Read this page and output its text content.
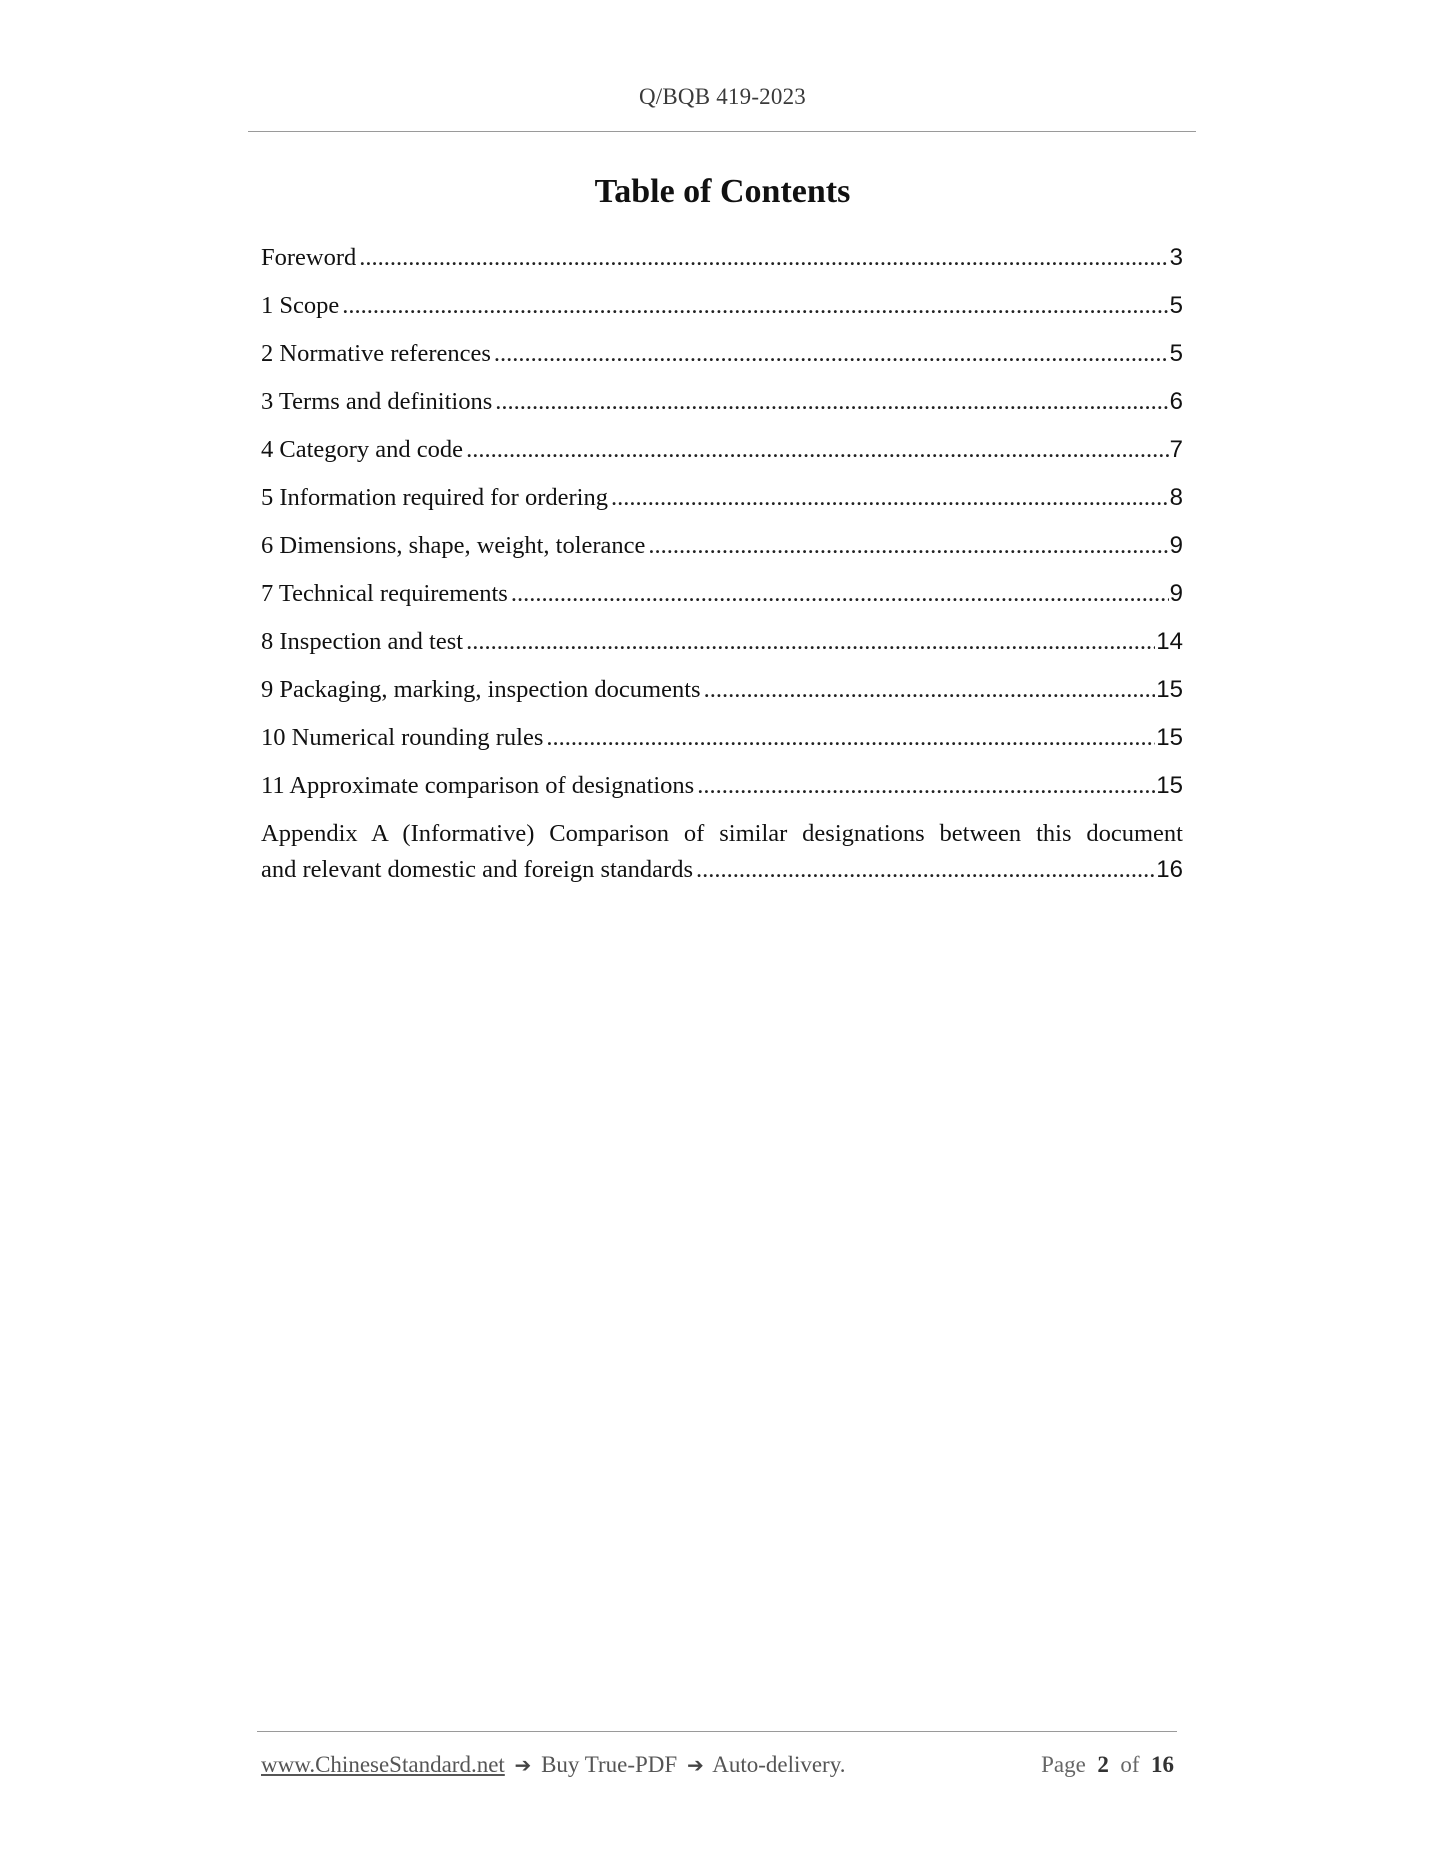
Q/BQB 419-2023
Table of Contents
Foreword .....	3
1 Scope .....	5
2 Normative references .....	5
3 Terms and definitions .....	6
4 Category and code .....	7
5 Information required for ordering .....	8
6 Dimensions, shape, weight, tolerance .....	9
7 Technical requirements .....	9
8 Inspection and test .....	14
9 Packaging, marking, inspection documents .....	15
10 Numerical rounding rules .....	15
11 Approximate comparison of designations .....	15
Appendix A (Informative) Comparison of similar designations between this document
and relevant domestic and foreign standards .....	16
www.ChineseStandard.net ➔ Buy True-PDF ➔ Auto-delivery.	Page 2 of 16
